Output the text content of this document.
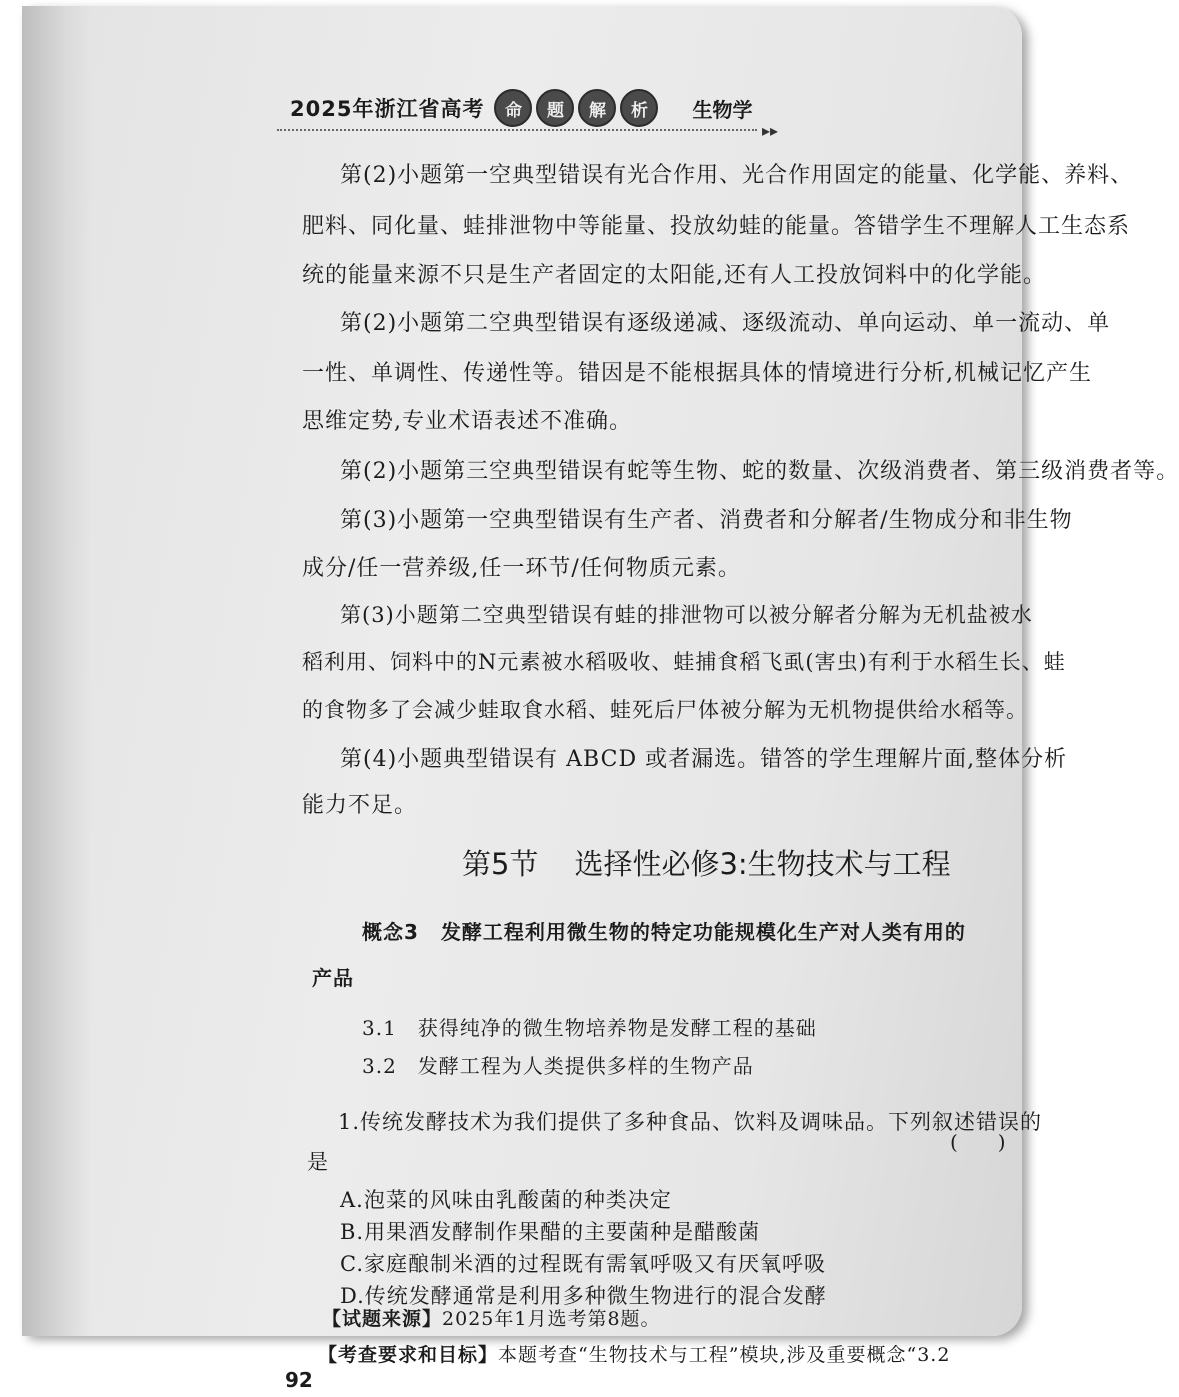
2025年浙江省高考	命	题	解	析	生物学
▸▸
第(2)小题第一空典型错误有光合作用、光合作用固定的能量、化学能、养料、
肥料、同化量、蛙排泄物中等能量、投放幼蛙的能量。答错学生不理解人工生态系
统的能量来源不只是生产者固定的太阳能,还有人工投放饲料中的化学能。
第(2)小题第二空典型错误有逐级递减、逐级流动、单向运动、单一流动、单
一性、单调性、传递性等。错因是不能根据具体的情境进行分析,机械记忆产生
思维定势,专业术语表述不准确。
第(2)小题第三空典型错误有蛇等生物、蛇的数量、次级消费者、第三级消费者等。
第(3)小题第一空典型错误有生产者、消费者和分解者/生物成分和非生物
成分/任一营养级,任一环节/任何物质元素。
第(3)小题第二空典型错误有蛙的排泄物可以被分解者分解为无机盐被水
稻利用、饲料中的N元素被水稻吸收、蛙捕食稻飞虱(害虫)有利于水稻生长、蛙
的食物多了会减少蛙取食水稻、蛙死后尸体被分解为无机物提供给水稻等。
第(4)小题典型错误有 ABCD 或者漏选。错答的学生理解片面,整体分析
能力不足。
第5节 选择性必修3:生物技术与工程
概念3 发酵工程利用微生物的特定功能规模化生产对人类有用的
产品
3.1　获得纯净的微生物培养物是发酵工程的基础
3.2　发酵工程为人类提供多样的生物产品
1.传统发酵技术为我们提供了多种食品、饮料及调味品。下列叙述错误的
(　　)
是
A.泡菜的风味由乳酸菌的种类决定
B.用果酒发酵制作果醋的主要菌种是醋酸菌
C.家庭酿制米酒的过程既有需氧呼吸又有厌氧呼吸
D.传统发酵通常是利用多种微生物进行的混合发酵
【试题来源】2025年1月选考第8题。
【考查要求和目标】本题考查“生物技术与工程”模块,涉及重要概念“3.2
92
